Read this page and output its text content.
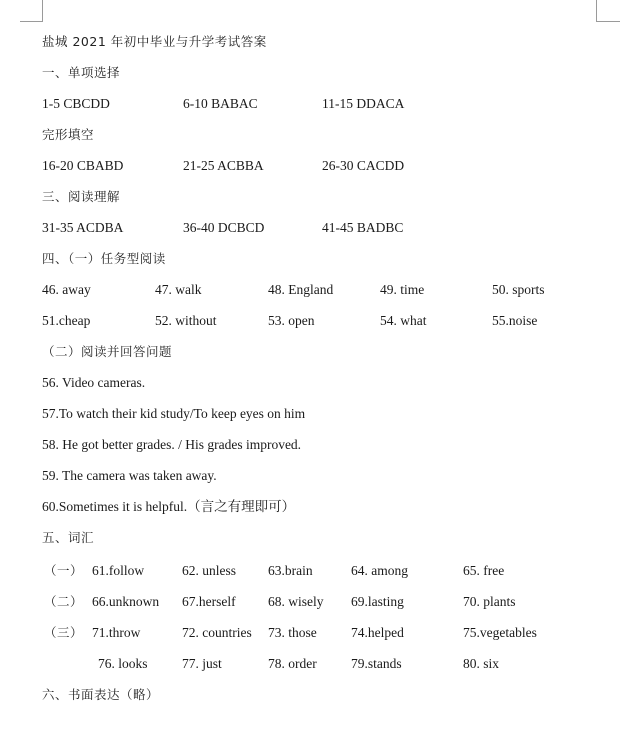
盐城 2021 年初中毕业与升学考试答案
一、单项选择
1-5 CBCDD	6-10 BABAC	11-15 DDACA
完形填空
16-20 CBABD	21-25 ACBBA	26-30 CACDD
三、阅读理解
31-35 ACDBA	36-40 DCBCD	41-45 BADBC
四、（一）任务型阅读
46. away	47. walk	48. England	49. time	50. sports
51.cheap	52. without	53. open	54. what	55.noise
（二）阅读并回答问题
56. Video cameras.
57.To watch their kid study/To keep eyes on him
58. He got better grades. / His grades improved.
59. The camera was taken away.
60.Sometimes it is helpful.（言之有理即可）
五、词汇
（一） 61.follow	62. unless 63.brain	64. among	65. free
（二） 66.unknown 67.herself 68. wisely 69.lasting	70. plants
（三） 71.throw	72. countries 73. those	74.helped	75.vegetables
76. looks	77. just	78. order	79.stands	80. six
六、书面表达（略）
